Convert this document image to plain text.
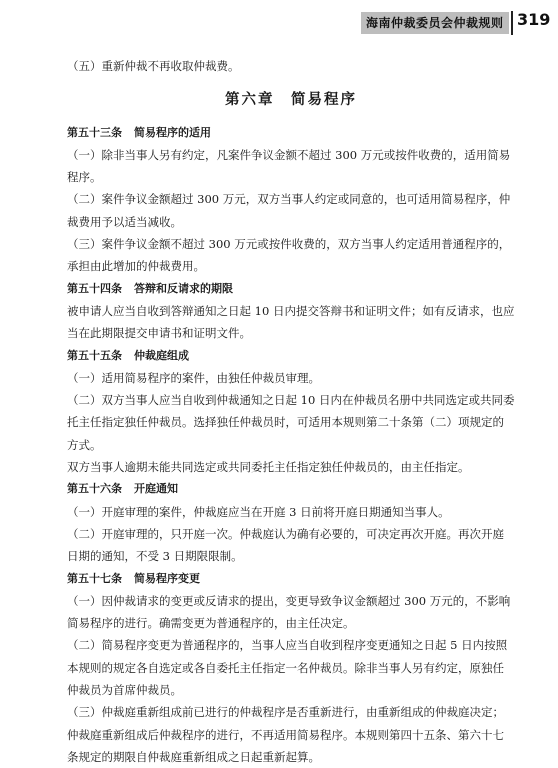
海南仲裁委员会仲裁规则 319

（五）重新仲裁不再收取仲裁费。

第六章　简易程序

第五十三条 简易程序的适用

（一）除非当事人另有约定，凡案件争议金额不超过 300 万元或按件收费的，适用简易程序。

（二）案件争议金额超过 300 万元，双方当事人约定或同意的，也可适用简易程序，仲裁费用予以适当减收。

（三）案件争议金额不超过 300 万元或按件收费的，双方当事人约定适用普通程序的，承担由此增加的仲裁费用。

第五十四条 答辩和反请求的期限

被申请人应当自收到答辩通知之日起 10 日内提交答辩书和证明文件；如有反请求，也应当在此期限提交申请书和证明文件。

第五十五条 仲裁庭组成

（一）适用简易程序的案件，由独任仲裁员审理。

（二）双方当事人应当自收到仲裁通知之日起 10 日内在仲裁员名册中共同选定或共同委托主任指定独任仲裁员。选择独任仲裁员时，可适用本规则第二十条第（二）项规定的方式。

双方当事人逾期未能共同选定或共同委托主任指定独任仲裁员的，由主任指定。

第五十六条 开庭通知

（一）开庭审理的案件，仲裁庭应当在开庭 3 日前将开庭日期通知当事人。

（二）开庭审理的，只开庭一次。仲裁庭认为确有必要的，可决定再次开庭。再次开庭日期的通知，不受 3 日期限限制。

第五十七条 简易程序变更

（一）因仲裁请求的变更或反请求的提出，变更导致争议金额超过 300 万元的，不影响简易程序的进行。确需变更为普通程序的，由主任决定。

（二）简易程序变更为普通程序的，当事人应当自收到程序变更通知之日起 5 日内按照本规则的规定各自选定或各自委托主任指定一名仲裁员。除非当事人另有约定，原独任仲裁员为首席仲裁员。

（三）仲裁庭重新组成前已进行的仲裁程序是否重新进行，由重新组成的仲裁庭决定；仲裁庭重新组成后仲裁程序的进行，不再适用简易程序。本规则第四十五条、第六十七条规定的期限自仲裁庭重新组成之日起重新起算。
